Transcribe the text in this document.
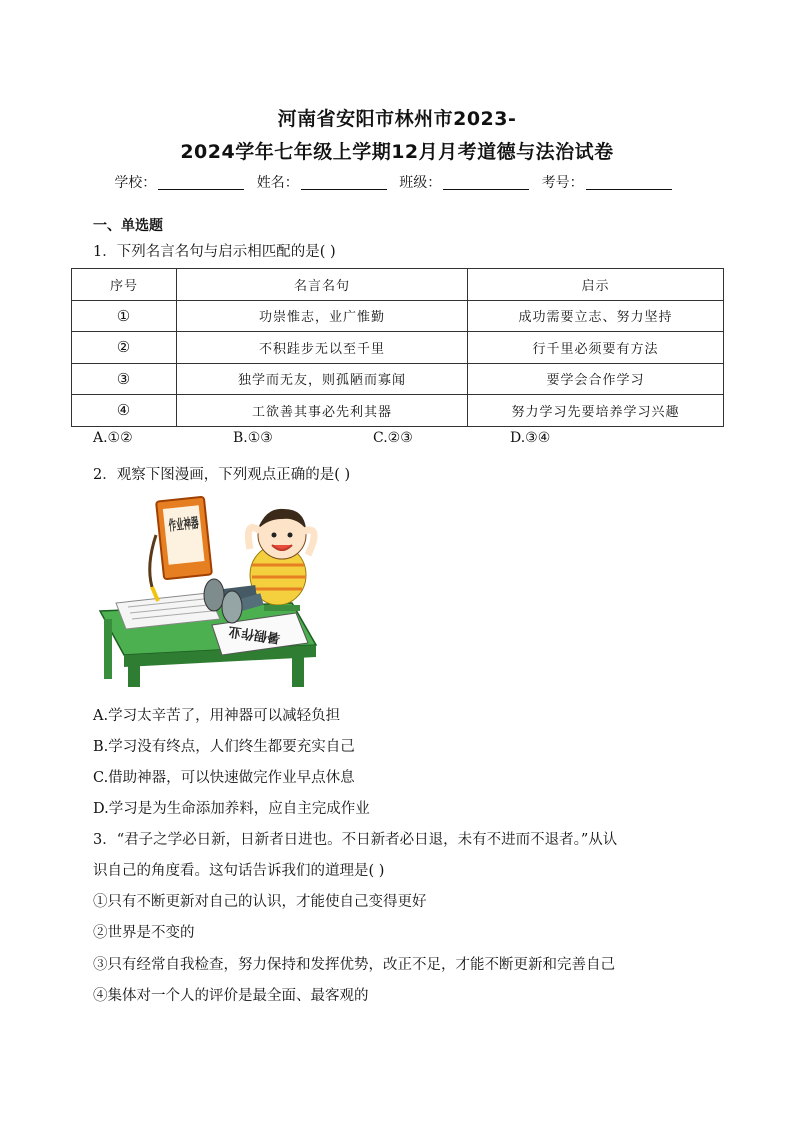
河南省安阳市林州市2023-
2024学年七年级上学期12月月考道德与法治试卷
学校：	姓名：	班级：	考号：
一、单选题
1．下列名言名句与启示相匹配的是( )
序号	名言名句	启示
①	功崇惟志，业广惟勤	成功需要立志、努力坚持
②	不积跬步无以至千里	行千里必须要有方法
③	独学而无友，则孤陋而寡闻	要学会合作学习
④	工欲善其事必先利其器	努力学习先要培养学习兴趣
A.①②	B.①③	C.②③	D.③④
2．观察下图漫画，下列观点正确的是( )
暑假作业
作业神器
A.学习太辛苦了，用神器可以减轻负担
B.学习没有终点，人们终生都要充实自己
C.借助神器，可以快速做完作业早点休息
D.学习是为生命添加养料，应自主完成作业
3．“君子之学必日新，日新者日进也。不日新者必日退，未有不进而不退者。”从认
识自己的角度看。这句话告诉我们的道理是( )
①只有不断更新对自己的认识，才能使自己变得更好
②世界是不变的
③只有经常自我检查，努力保持和发挥优势，改正不足，才能不断更新和完善自己
④集体对一个人的评价是最全面、最客观的
